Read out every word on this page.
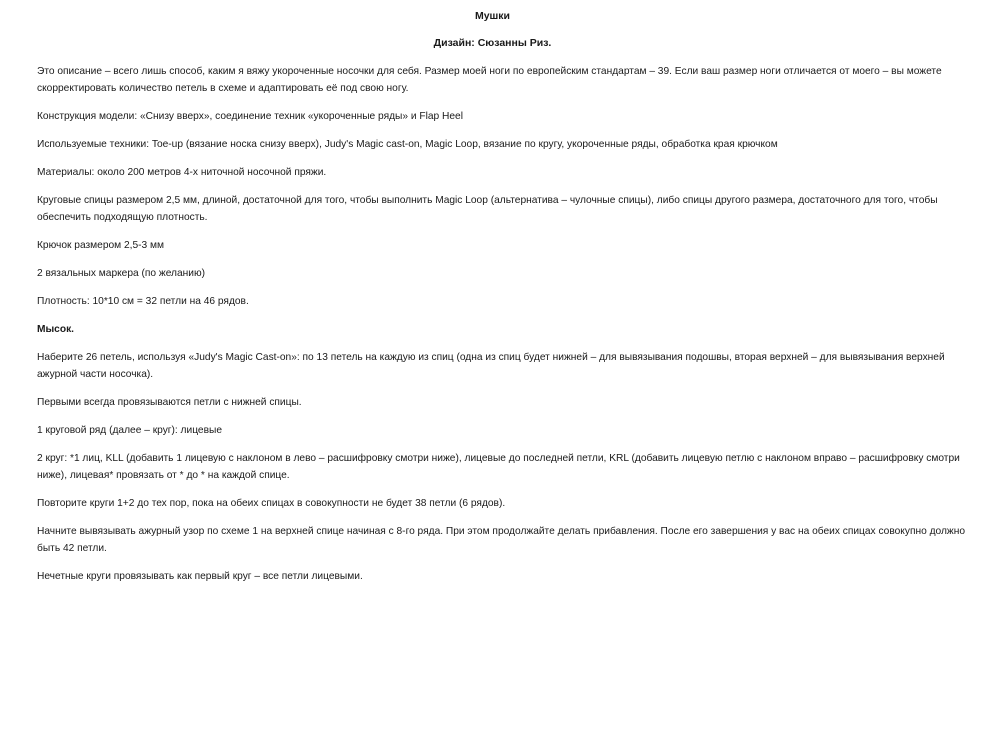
Мушки
Дизайн: Сюзанны Риз.

Это описание – всего лишь способ, каким я вяжу укороченные носочки для себя. Размер моей ноги по европейским стандартам – 39. Если ваш размер ноги отличается от моего – вы можете скорректировать количество петель в схеме и адаптировать её под свою ногу.

Конструкция модели: «Снизу вверх», соединение техник «укороченные ряды» и Flap Heel

Используемые техники: Toe-up (вязание носка снизу вверх), Judy's Magic cast-on, Magic Loop, вязание по кругу, укороченные ряды, обработка края крючком

Материалы: около 200 метров 4-х ниточной носочной пряжи.

Круговые спицы размером 2,5 мм, длиной, достаточной для того, чтобы выполнить Magic Loop (альтернатива – чулочные спицы), либо спицы другого размера, достаточного для того, чтобы обеспечить подходящую плотность.

Крючок размером 2,5-3 мм

2 вязальных маркера (по желанию)

Плотность: 10*10 см = 32 петли на 46 рядов.

Мысок.

Наберите 26 петель, используя «Judy's Magic Cast-on»: по 13 петель на каждую из спиц (одна из спиц будет нижней – для вывязывания подошвы, вторая верхней – для вывязывания верхней ажурной части носочка).

Первыми всегда провязываются петли с нижней спицы.

1 круговой ряд (далее – круг): лицевые

2 круг: *1 лиц, KLL (добавить 1 лицевую с наклоном в лево – расшифровку смотри ниже), лицевые до последней петли, KRL (добавить лицевую петлю с наклоном вправо – расшифровку смотри ниже), лицевая* провязать от * до * на каждой спице.

Повторите круги 1+2 до тех пор, пока на обеих спицах в совокупности не будет 38 петли (6 рядов).

Начните вывязывать ажурный узор по схеме 1 на верхней спице начиная с 8-го ряда. При этом продолжайте делать прибавления. После его завершения у вас на обеих спицах совокупно должно быть 42 петли.

Нечетные круги провязывать как первый круг – все петли лицевыми.
